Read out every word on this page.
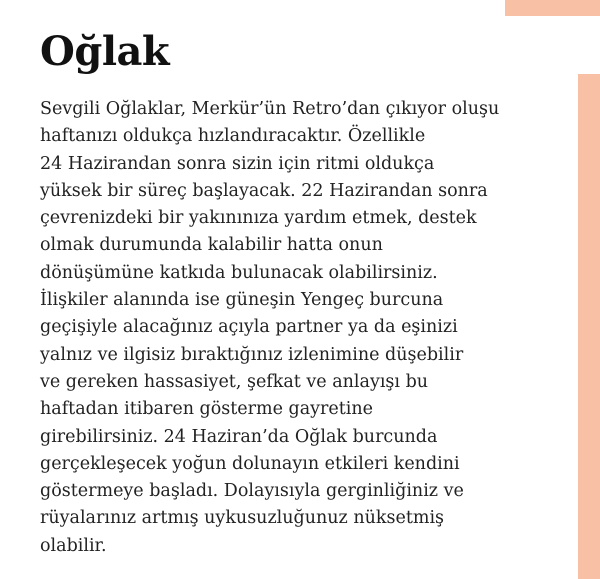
Oğlak
Sevgili Oğlaklar, Merkür’ün Retro’dan çıkıyor oluşu
haftanızı oldukça hızlandıracaktır. Özellikle
24 Hazirandan sonra sizin için ritmi oldukça
yüksek bir süreç başlayacak. 22 Hazirandan sonra
çevrenizdeki bir yakınınıza yardım etmek, destek
olmak durumunda kalabilir hatta onun
dönüşümüne katkıda bulunacak olabilirsiniz.
İlişkiler alanında ise güneşin Yengeç burcuna
geçişiyle alacağınız açıyla partner ya da eşinizi
yalnız ve ilgisiz bıraktığınız izlenimine düşebilir
ve gereken hassasiyet, şefkat ve anlayışı bu
haftadan itibaren gösterme gayretine
girebilirsiniz. 24 Haziran’da Oğlak burcunda
gerçekleşecek yoğun dolunayın etkileri kendini
göstermeye başladı. Dolayısıyla gerginliğiniz ve
rüyalarınız artmış uykusuzluğunuz nüksetmiş
olabilir.
